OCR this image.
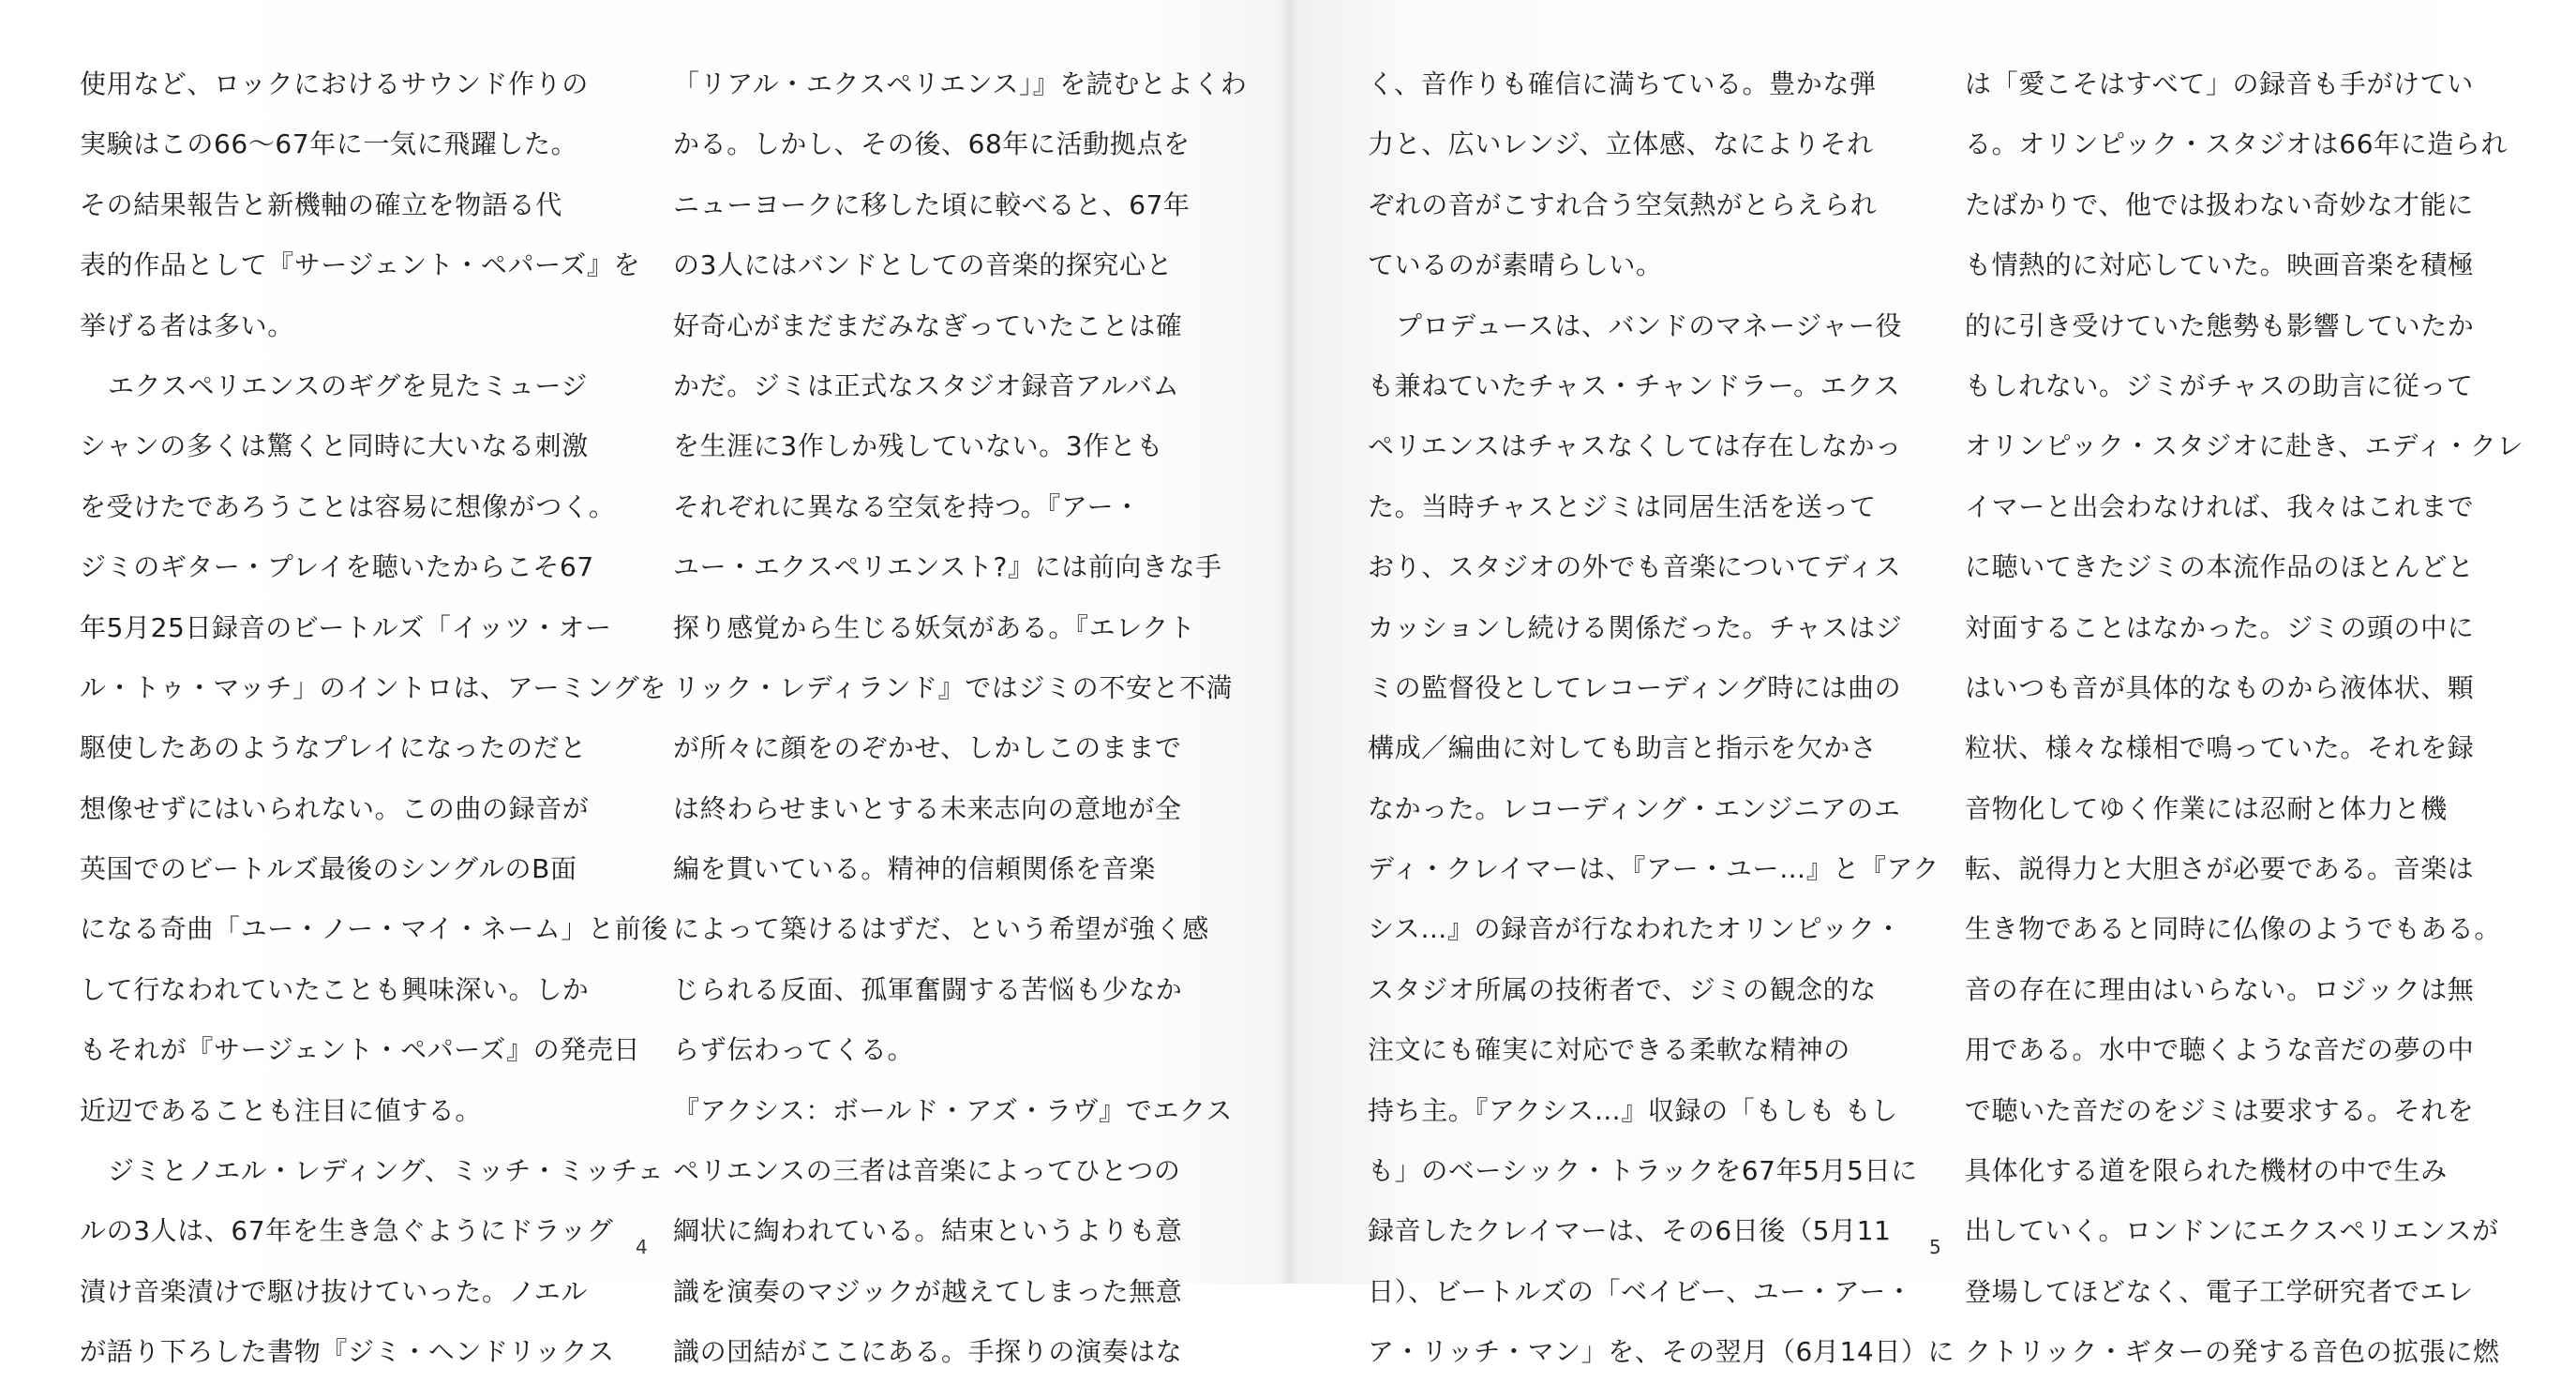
使用など、ロックにおけるサウンド作りの
実験はこの66〜67年に一気に飛躍した。
その結果報告と新機軸の確立を物語る代
表的作品として『サージェント・ペパーズ』を
挙げる者は多い。
エクスペリエンスのギグを見たミュージ
シャンの多くは驚くと同時に大いなる刺激
を受けたであろうことは容易に想像がつく。
ジミのギター・プレイを聴いたからこそ67
年5月25日録音のビートルズ「イッツ・オー
ル・トゥ・マッチ」のイントロは、アーミングを
駆使したあのようなプレイになったのだと
想像せずにはいられない。この曲の録音が
英国でのビートルズ最後のシングルのB面
になる奇曲「ユー・ノー・マイ・ネーム」と前後
して行なわれていたことも興味深い。しか
もそれが『サージェント・ペパーズ』の発売日
近辺であることも注目に値する。
ジミとノエル・レディング、ミッチ・ミッチェ
ルの3人は、67年を生き急ぐようにドラッグ
漬け音楽漬けで駆け抜けていった。ノエル
が語り下ろした書物『ジミ・ヘンドリックス
「リアル・エクスペリエンス」』を読むとよくわ
かる。しかし、その後、68年に活動拠点を
ニューヨークに移した頃に較べると、67年
の3人にはバンドとしての音楽的探究心と
好奇心がまだまだみなぎっていたことは確
かだ。ジミは正式なスタジオ録音アルバム
を生涯に3作しか残していない。3作とも
それぞれに異なる空気を持つ。『アー・
ユー・エクスペリエンスト?』には前向きな手
探り感覚から生じる妖気がある。『エレクト
リック・レディランド』ではジミの不安と不満
が所々に顔をのぞかせ、しかしこのままで
は終わらせまいとする未来志向の意地が全
編を貫いている。精神的信頼関係を音楽
によって築けるはずだ、という希望が強く感
じられる反面、孤軍奮闘する苦悩も少なか
らず伝わってくる。
『アクシス：ボールド・アズ・ラヴ』でエクス
ペリエンスの三者は音楽によってひとつの
綱状に綯われている。結束というよりも意
識を演奏のマジックが越えてしまった無意
識の団結がここにある。手探りの演奏はな
4
く、音作りも確信に満ちている。豊かな弾
力と、広いレンジ、立体感、なによりそれ
ぞれの音がこすれ合う空気熱がとらえられ
ているのが素晴らしい。
プロデュースは、バンドのマネージャー役
も兼ねていたチャス・チャンドラー。エクス
ペリエンスはチャスなくしては存在しなかっ
た。当時チャスとジミは同居生活を送って
おり、スタジオの外でも音楽についてディス
カッションし続ける関係だった。チャスはジ
ミの監督役としてレコーディング時には曲の
構成／編曲に対しても助言と指示を欠かさ
なかった。レコーディング・エンジニアのエ
ディ・クレイマーは、『アー・ユー…』と『アク
シス…』の録音が行なわれたオリンピック・
スタジオ所属の技術者で、ジミの観念的な
注文にも確実に対応できる柔軟な精神の
持ち主。『アクシス…』収録の「もしも もし
も」のベーシック・トラックを67年5月5日に
録音したクレイマーは、その6日後（5月11
日）、ビートルズの「ベイビー、ユー・アー・
ア・リッチ・マン」を、その翌月（6月14日）に
は「愛こそはすべて」の録音も手がけてい
る。オリンピック・スタジオは66年に造られ
たばかりで、他では扱わない奇妙な才能に
も情熱的に対応していた。映画音楽を積極
的に引き受けていた態勢も影響していたか
もしれない。ジミがチャスの助言に従って
オリンピック・スタジオに赴き、エディ・クレ
イマーと出会わなければ、我々はこれまで
に聴いてきたジミの本流作品のほとんどと
対面することはなかった。ジミの頭の中に
はいつも音が具体的なものから液体状、顆
粒状、様々な様相で鳴っていた。それを録
音物化してゆく作業には忍耐と体力と機
転、説得力と大胆さが必要である。音楽は
生き物であると同時に仏像のようでもある。
音の存在に理由はいらない。ロジックは無
用である。水中で聴くような音だの夢の中
で聴いた音だのをジミは要求する。それを
具体化する道を限られた機材の中で生み
出していく。ロンドンにエクスペリエンスが
登場してほどなく、電子工学研究者でエレ
クトリック・ギターの発する音色の拡張に燃
5
